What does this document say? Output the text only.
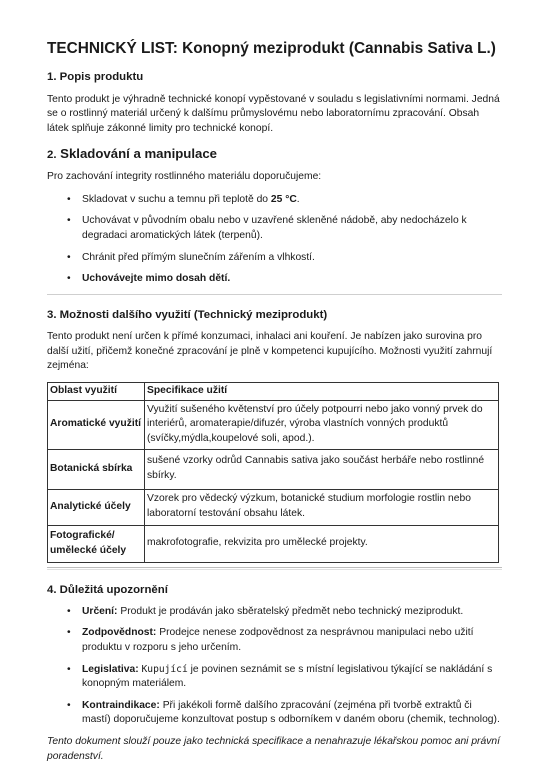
TECHNICKÝ LIST: Konopný meziprodukt (Cannabis Sativa L.)
1. Popis produktu

Tento produkt je výhradně technické konopí vypěstované v souladu s legislativními normami. Jedná se o rostlinný materiál určený k dalšímu průmyslovému nebo laboratornímu zpracování. Obsah látek splňuje zákonné limity pro technické konopí.

2. Skladování a manipulace

Pro zachování integrity rostlinného materiálu doporučujeme:

• Skladovat v suchu a temnu při teplotě do 25 °C.
• Uchovávat v původním obalu nebo v uzavřené skleněné nádobě, aby nedocházelo k degradaci aromatických látek (terpenů).
• Chránit před přímým slunečním zářením a vlhkostí.
• Uchovávejte mimo dosah dětí.
3. Možnosti dalšího využití (Technický meziprodukt)

Tento produkt není určen k přímé konzumaci, inhalaci ani kouření. Je nabízen jako surovina pro další užití, přičemž konečné zpracování je plně v kompetenci kupujícího. Možnosti využití zahrnují zejména:

Oblast využití	Specifikace užití
Aromatické využití	Využití sušeného květenství pro účely potpourri nebo jako vonný prvek do interiérů, aromaterapie/difuzér, výroba vlastních vonných produktů (svíčky,mýdla,koupelové soli, apod.).
Botanická sbírka	sušené vzorky odrůd Cannabis sativa jako součást herbáře nebo rostlinné sbírky.
Analytické účely	Vzorek pro vědecký výzkum, botanické studium morfologie rostlin nebo laboratorní testování obsahu látek.
Fotografické/ umělecké účely	makrofotografie, rekvizita pro umělecké projekty.
4. Důležitá upozornění
• Určení: Produkt je prodáván jako sběratelský předmět nebo technický meziprodukt.
• Zodpovědnost: Prodejce nenese zodpovědnost za nesprávnou manipulaci nebo užití produktu v rozporu s jeho určením.
• Legislativa: Kupující je povinen seznámit se s místní legislativou týkající se nakládání s konopným materiálem.
• Kontraindikace: Při jakékoli formě dalšího zpracování (zejména při tvorbě extraktů či mastí) doporučujeme konzultovat postup s odborníkem v daném oboru (chemik, technolog).

Tento dokument slouží pouze jako technická specifikace a nenahrazuje lékařskou pomoc ani právní poradenství.
